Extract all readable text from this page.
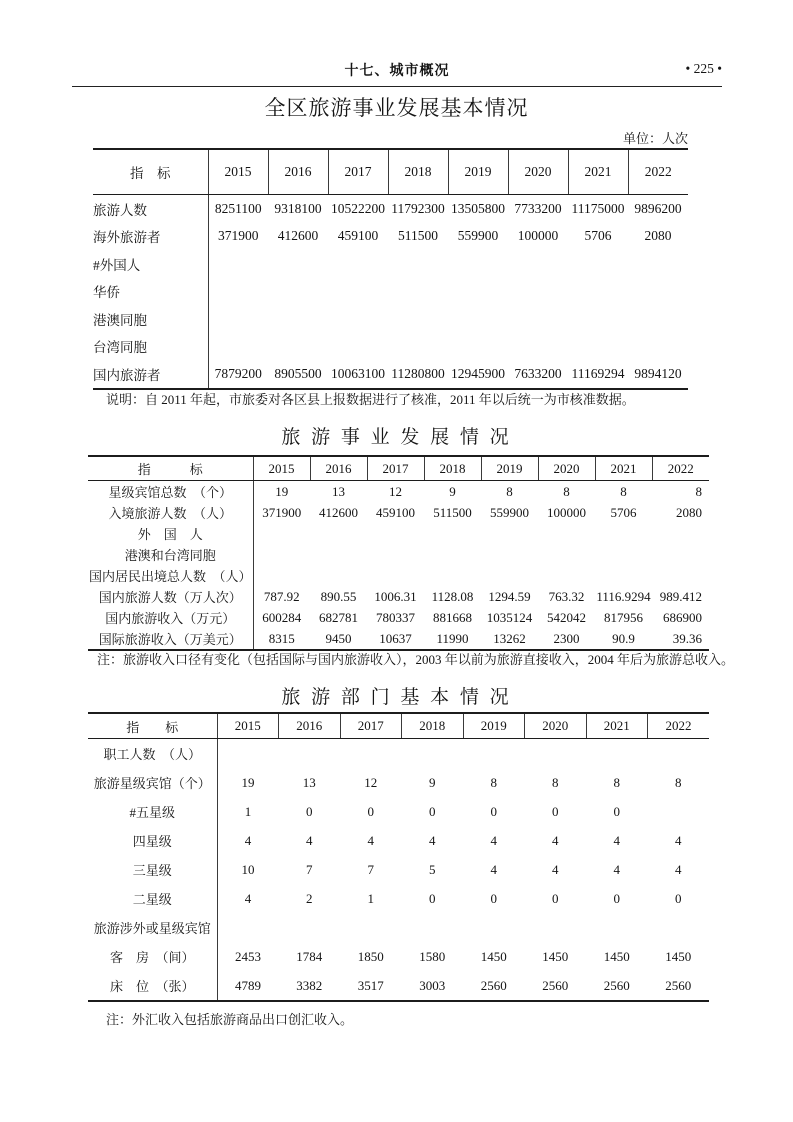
十七、城市概况	• 225 •
全区旅游事业发展基本情况
单位：人次
指　标	2015	2016	2017	2018	2019	2020	2021	2022
旅游人数	8251100	9318100	10522200	11792300	13505800	7733200	11175000	9896200
海外旅游者	371900	412600	459100	511500	559900	100000	5706	2080
#外国人								
华侨								
港澳同胞								
台湾同胞								
国内旅游者	7879200	8905500	10063100	11280800	12945900	7633200	11169294	9894120
说明：自 2011 年起，市旅委对各区县上报数据进行了核准，2011 年以后统一为市核准数据。
旅 游 事 业 发 展 情 况
指　　　标	2015	2016	2017	2018	2019	2020	2021	2022
星级宾馆总数　（个）	19	13	12	9	8	8	8	8
入境旅游人数　（人）	371900	412600	459100	511500	559900	100000	5706	2080
外　国　人								
港澳和台湾同胞								
国内居民出境总人数　（人）								
国内旅游人数（万人次）	787.92	890.55	1006.31	1128.08	1294.59	763.32	1116.9294	989.412
国内旅游收入（万元）	600284	682781	780337	881668	1035124	542042	817956	686900
国际旅游收入（万美元）	8315	9450	10637	11990	13262	2300	90.9	39.36
注：旅游收入口径有变化（包括国际与国内旅游收入），2003 年以前为旅游直接收入，2004 年后为旅游总收入。
旅 游 部 门 基 本 情 况
指　　标	2015	2016	2017	2018	2019	2020	2021	2022
职工人数　（人）								
旅游星级宾馆（个）	19	13	12	9	8	8	8	8
#五星级	1	0	0	0	0	0	0	
四星级	4	4	4	4	4	4	4	4
三星级	10	7	7	5	4	4	4	4
二星级	4	2	1	0	0	0	0	0
旅游涉外或星级宾馆								
客　房　（间）	2453	1784	1850	1580	1450	1450	1450	1450
床　位　（张）	4789	3382	3517	3003	2560	2560	2560	2560
注：外汇收入包括旅游商品出口创汇收入。
